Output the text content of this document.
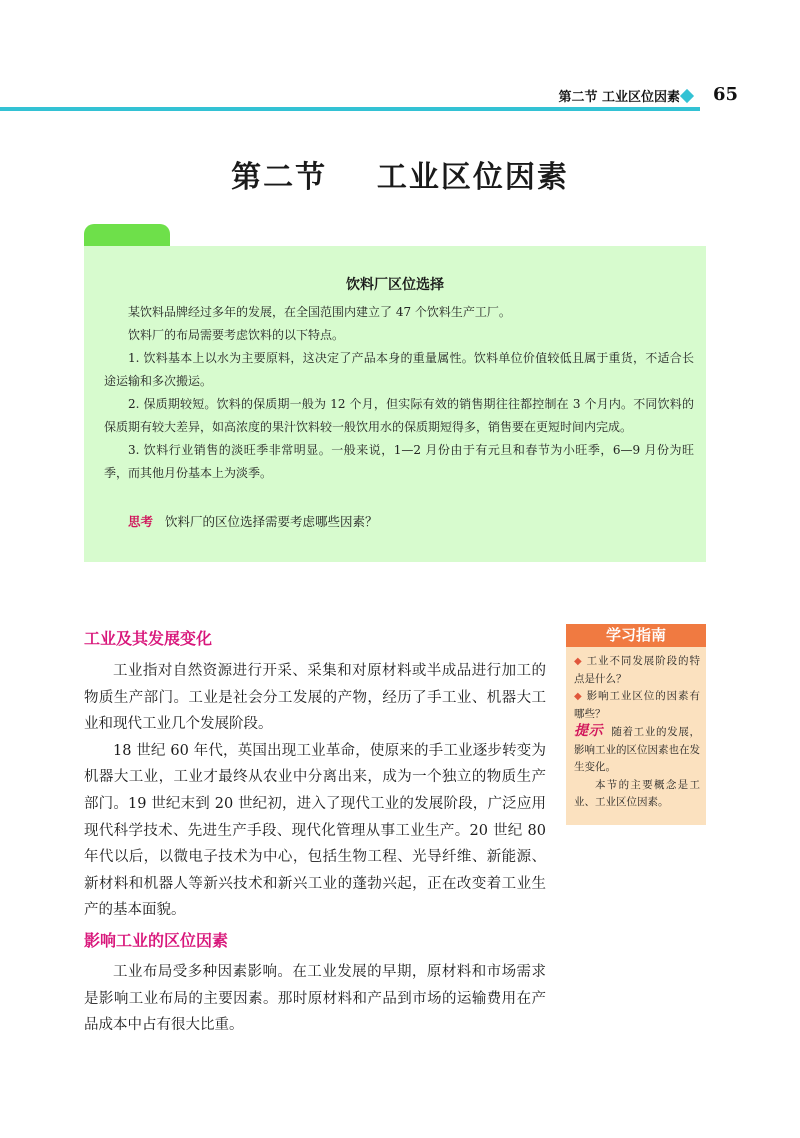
第二节 工业区位因素 65
第二节    工业区位因素
饮料厂区位选择

某饮料品牌经过多年的发展，在全国范围内建立了 47 个饮料生产工厂。

饮料厂的布局需要考虑饮料的以下特点。

1. 饮料基本上以水为主要原料，这决定了产品本身的重量属性。饮料单位价值较低且属于重货，不适合长途运输和多次搬运。

2. 保质期较短。饮料的保质期一般为 12 个月，但实际有效的销售期往往都控制在 3 个月内。不同饮料的保质期有较大差异，如高浓度的果汁饮料较一般饮用水的保质期短得多，销售要在更短时间内完成。

3. 饮料行业销售的淡旺季非常明显。一般来说，1—2 月份由于有元旦和春节为小旺季，6—9 月份为旺季，而其他月份基本上为淡季。

思考 饮料厂的区位选择需要考虑哪些因素？
工业及其发展变化

工业指对自然资源进行开采、采集和对原材料或半成品进行加工的物质生产部门。工业是社会分工发展的产物，经历了手工业、机器大工业和现代工业几个发展阶段。

18 世纪 60 年代，英国出现工业革命，使原来的手工业逐步转变为机器大工业，工业才最终从农业中分离出来，成为一个独立的物质生产部门。19 世纪末到 20 世纪初，进入了现代工业的发展阶段，广泛应用现代科学技术、先进生产手段、现代化管理从事工业生产。20 世纪 80 年代以后，以微电子技术为中心，包括生物工程、光导纤维、新能源、新材料和机器人等新兴技术和新兴工业的蓬勃兴起，正在改变着工业生产的基本面貌。

影响工业的区位因素

工业布局受多种因素影响。在工业发展的早期，原材料和市场需求是影响工业布局的主要因素。那时原材料和产品到市场的运输费用在产品成本中占有很大比重。

学习指南
◆ 工业不同发展阶段的特点是什么？
◆ 影响工业区位的因素有哪些？
提示 随着工业的发展，影响工业的区位因素也在发生变化。
本节的主要概念是工业、工业区位因素。
